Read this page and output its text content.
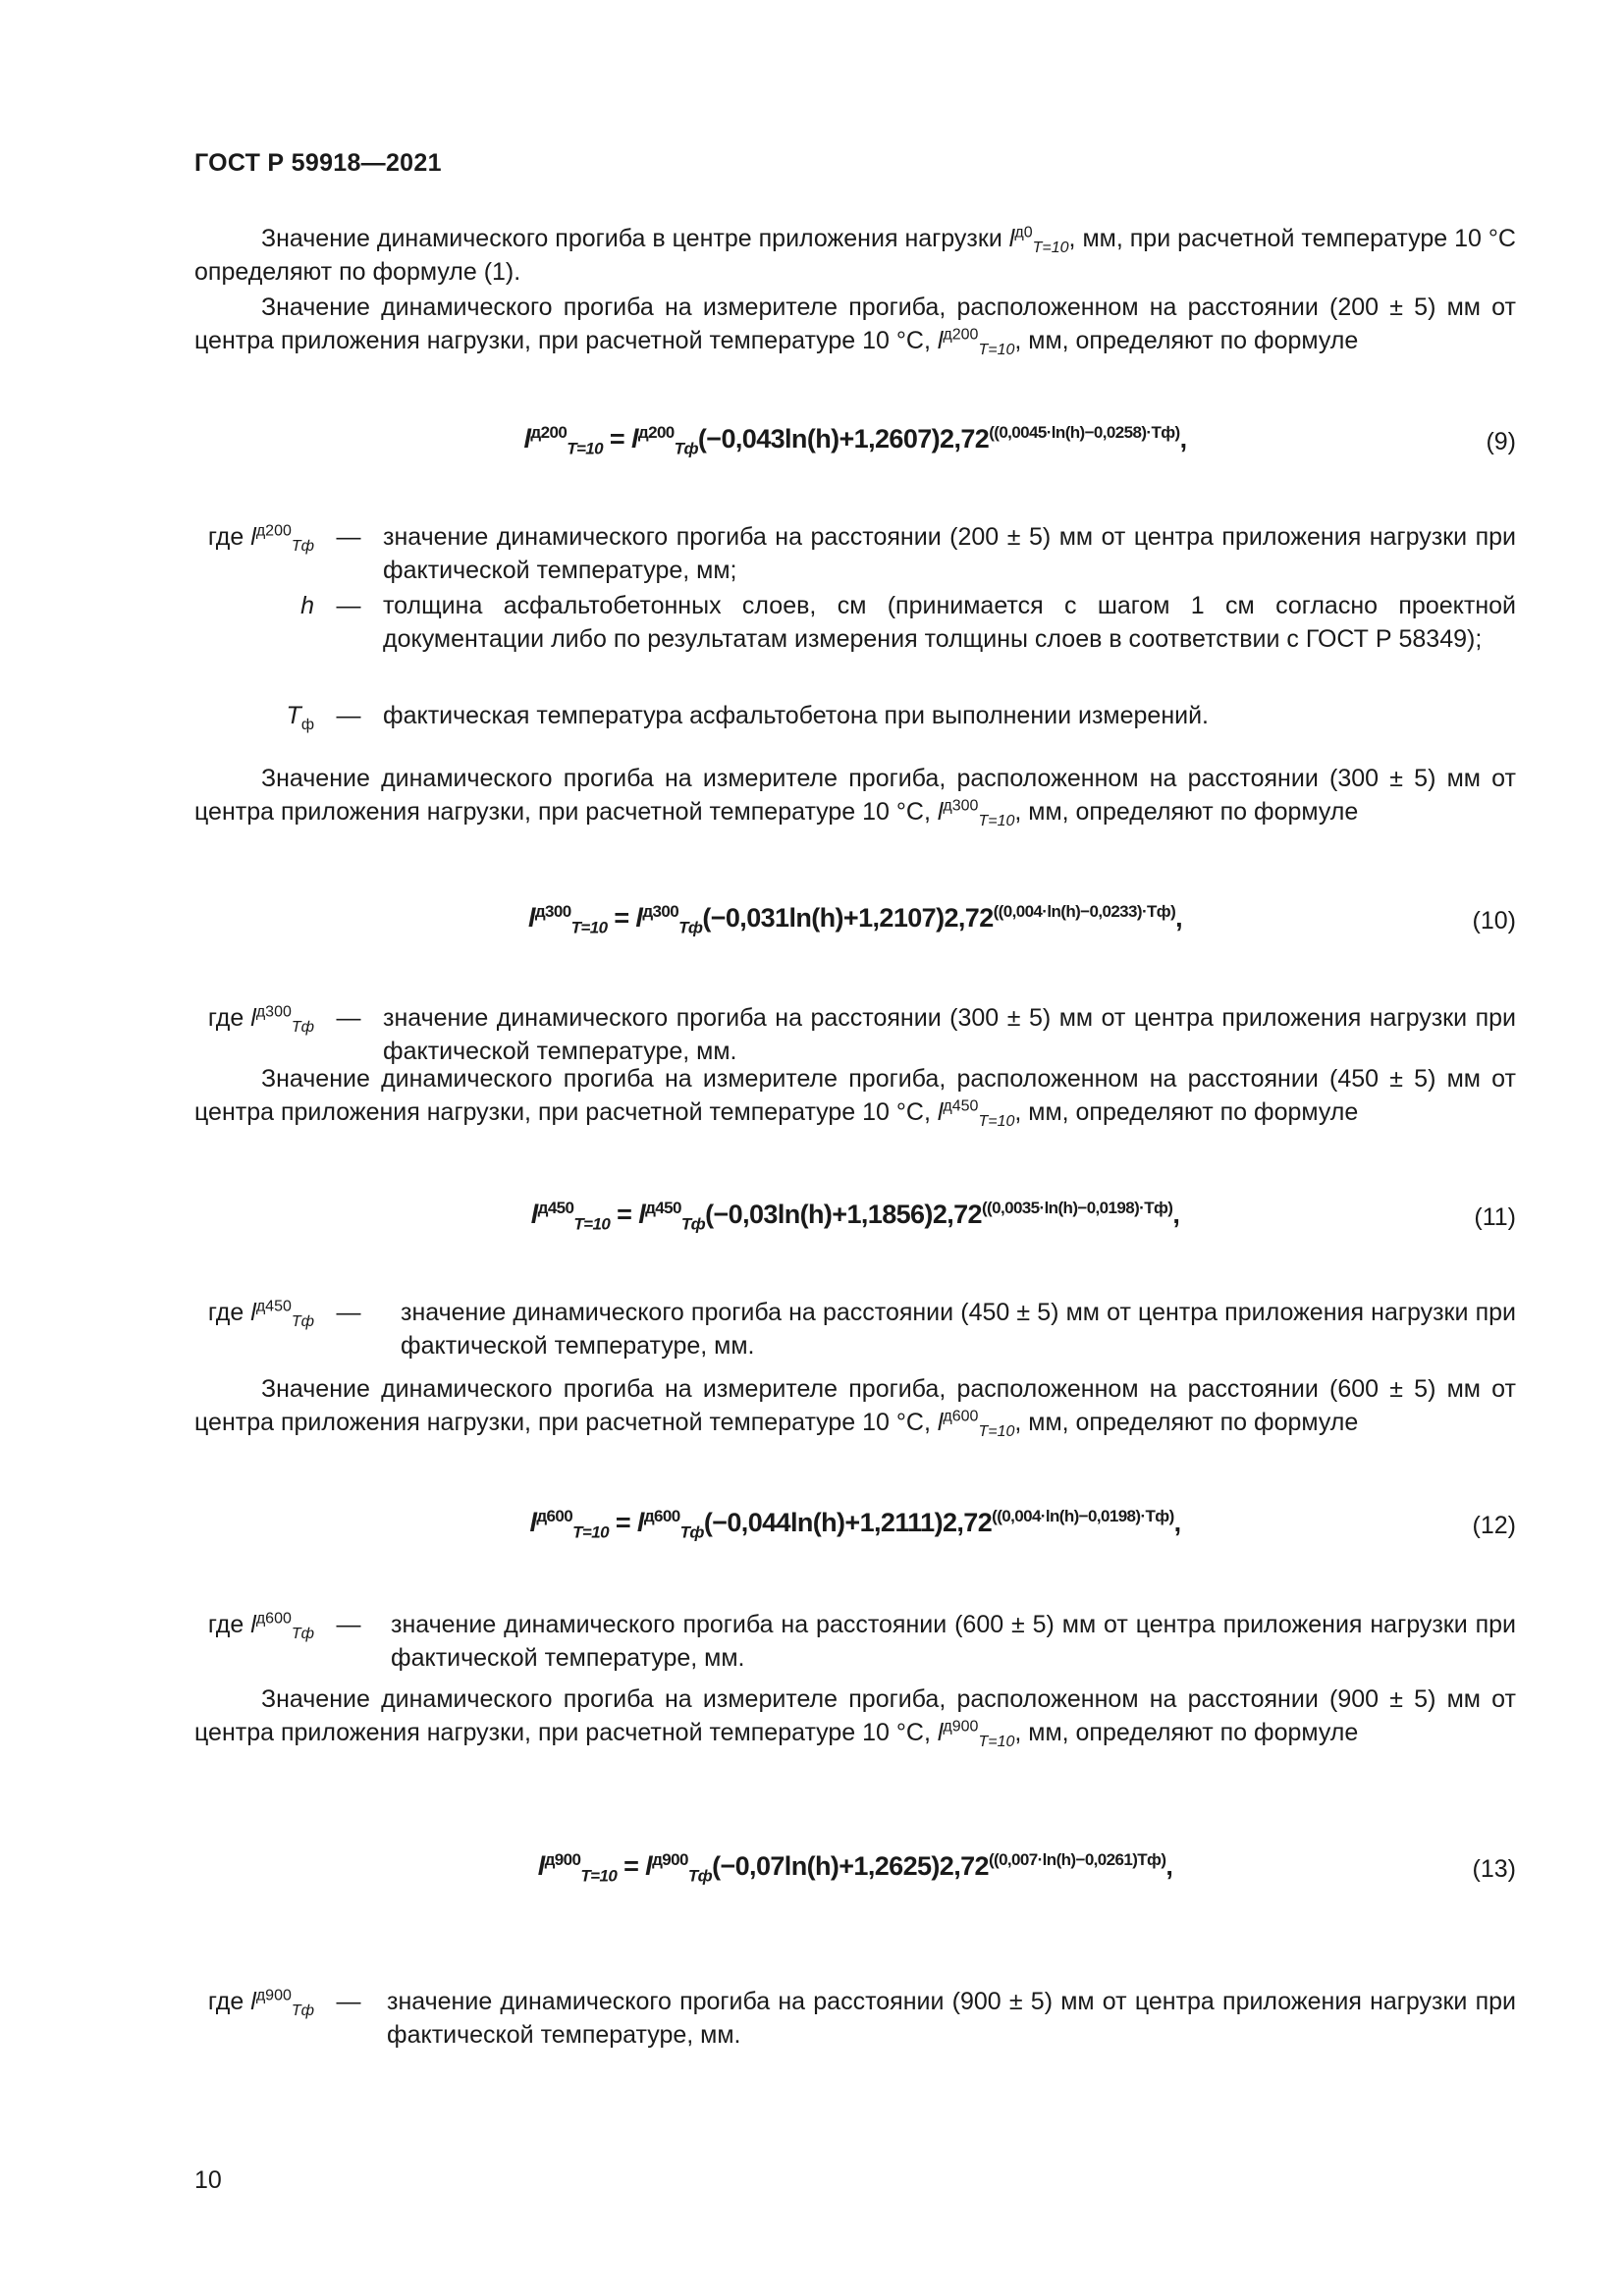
ГОСТ Р 59918—2021

Значение динамического прогиба в центре приложения нагрузки $l^{д0}_{T=10}$, мм, при расчетной температуре 10 °С определяют по формуле (1).

Значение динамического прогиба на измерителе прогиба, расположенном на расстоянии (200 ± 5) мм от центра приложения нагрузки, при расчетной температуре 10 °С, $l^{д200}_{T=10}$, мм, определяют по формуле

$l^{д200}_{T=10} = l^{д200}_{Tф}(-0,043\ln(h)+1,2607)2,72^{((0,0045\cdot ln(h)-0,0258)\cdot Tф)}$,	(9)
где $l^{д200}_{Tф}$ — значение динамического прогиба на расстоянии (200 ± 5) мм от центра приложения нагрузки при фактической температуре, мм;
h — толщина асфальтобетонных слоев, см (принимается с шагом 1 см согласно проектной документации либо по результатам измерения толщины слоев в соответствии с ГОСТ Р 58349);
$T_ф$ — фактическая температура асфальтобетона при выполнении измерений.

Значение динамического прогиба на измерителе прогиба, расположенном на расстоянии (300 ± 5) мм от центра приложения нагрузки, при расчетной температуре 10 °С, $l^{д300}_{T=10}$, мм, определяют по формуле

$l^{д300}_{T=10} = l^{д300}_{Tф}(-0,031\ln(h)+1,2107)2,72^{((0,004\cdot ln(h)-0,0233)\cdot Tф)}$,	(10)
где $l^{д300}_{Tф}$ — значение динамического прогиба на расстоянии (300 ± 5) мм от центра приложения нагрузки при фактической температуре, мм.

Значение динамического прогиба на измерителе прогиба, расположенном на расстоянии (450 ± 5) мм от центра приложения нагрузки, при расчетной температуре 10 °С, $l^{д450}_{T=10}$, мм, определяют по формуле

$l^{д450}_{T=10} = l^{д450}_{Tф}(-0,03\ln(h)+1,1856)2,72^{((0,0035\cdot ln(h)-0,0198)\cdot Tф)}$,	(11)
где $l^{д450}_{Tф}$ — значение динамического прогиба на расстоянии (450 ± 5) мм от центра приложения нагрузки при фактической температуре, мм.

Значение динамического прогиба на измерителе прогиба, расположенном на расстоянии (600 ± 5) мм от центра приложения нагрузки, при расчетной температуре 10 °С, $l^{д600}_{T=10}$, мм, определяют по формуле

$l^{д600}_{T=10} = l^{д600}_{Tф}(-0,044\ln(h)+1,2111)2,72^{((0,004\cdot ln(h)-0,0198)\cdot Tф)}$,	(12)
где $l^{д600}_{Tф}$ — значение динамического прогиба на расстоянии (600 ± 5) мм от центра приложения нагрузки при фактической температуре, мм.

Значение динамического прогиба на измерителе прогиба, расположенном на расстоянии (900 ± 5) мм от центра приложения нагрузки, при расчетной температуре 10 °С, $l^{д900}_{T=10}$, мм, определяют по формуле

$l^{д900}_{T=10} = l^{д900}_{Tф}(-0,07\ln(h)+1,2625)2,72^{((0,007\cdot ln(h)-0,0261)Tф)}$,	(13)
где $l^{д900}_{Tф}$ — значение динамического прогиба на расстоянии (900 ± 5) мм от центра приложения нагрузки при фактической температуре, мм.
10
